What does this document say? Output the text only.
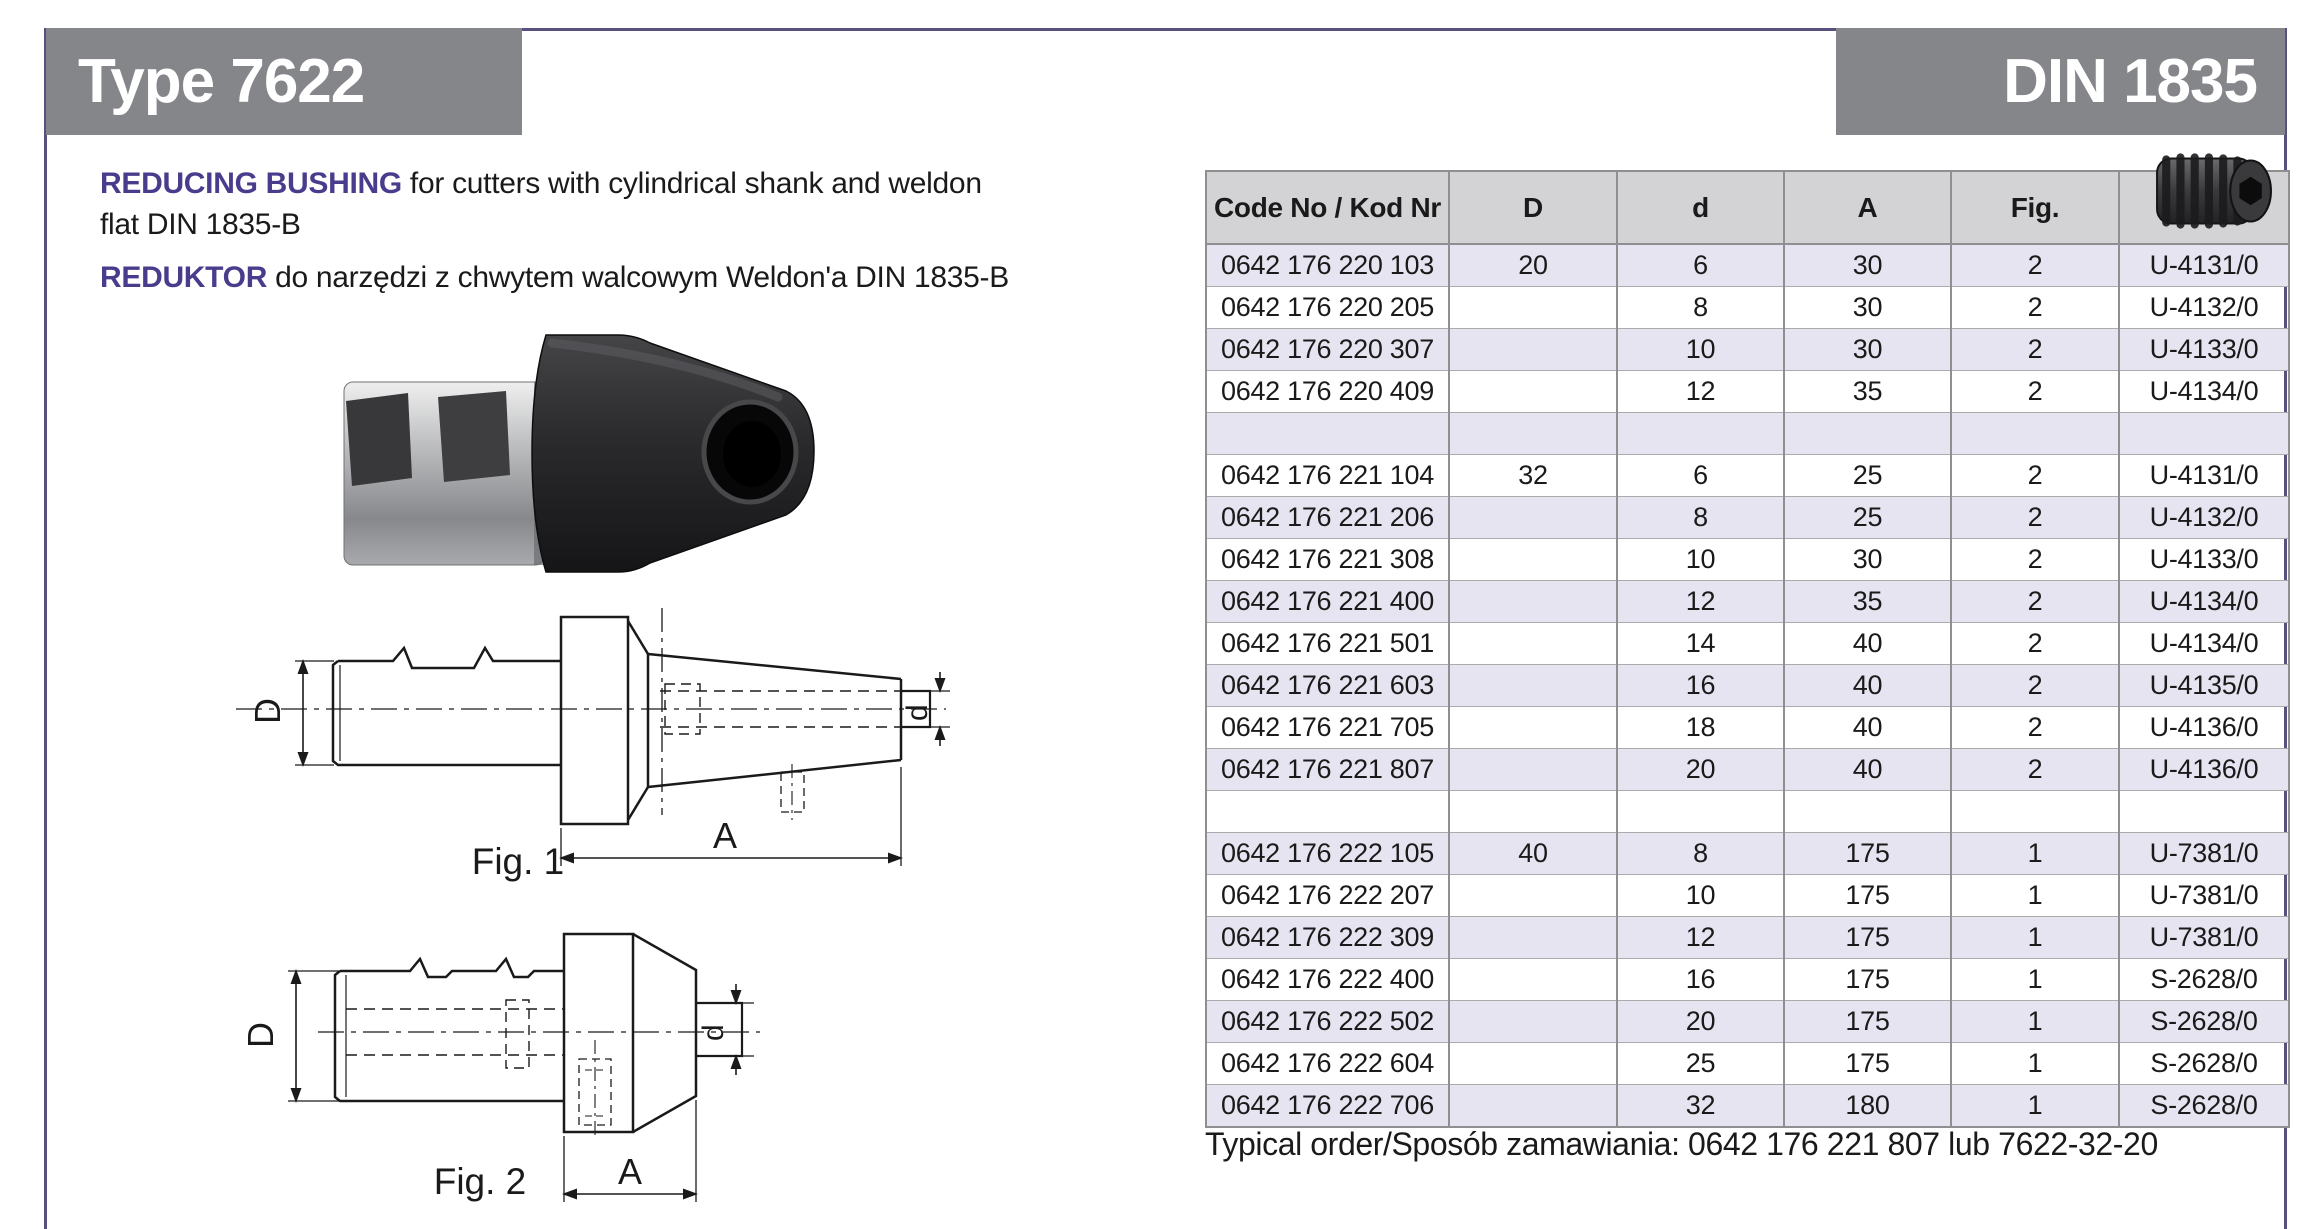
Type 7622	DIN 1835
REDUCING BUSHING for cutters with cylindrical shank and weldon
flat DIN 1835-B
REDUKTOR do narzędzi z chwytem walcowym Weldon'a DIN 1835-B
D	d
A
Fig. 1
D	d
A
Fig. 2
Code No / Kod Nr	D	d	A	Fig.	
0642 176 220 103	20	6	30	2	U-4131/0
0642 176 220 205		8	30	2	U-4132/0
0642 176 220 307		10	30	2	U-4133/0
0642 176 220 409		12	35	2	U-4134/0

0642 176 221 104	32	6	25	2	U-4131/0
0642 176 221 206		8	25	2	U-4132/0
0642 176 221 308		10	30	2	U-4133/0
0642 176 221 400		12	35	2	U-4134/0
0642 176 221 501		14	40	2	U-4134/0
0642 176 221 603		16	40	2	U-4135/0
0642 176 221 705		18	40	2	U-4136/0
0642 176 221 807		20	40	2	U-4136/0

0642 176 222 105	40	8	175	1	U-7381/0
0642 176 222 207		10	175	1	U-7381/0
0642 176 222 309		12	175	1	U-7381/0
0642 176 222 400		16	175	1	S-2628/0
0642 176 222 502		20	175	1	S-2628/0
0642 176 222 604		25	175	1	S-2628/0
0642 176 222 706		32	180	1	S-2628/0
Typical order/Sposób zamawiania: 0642 176 221 807 lub 7622-32-20
